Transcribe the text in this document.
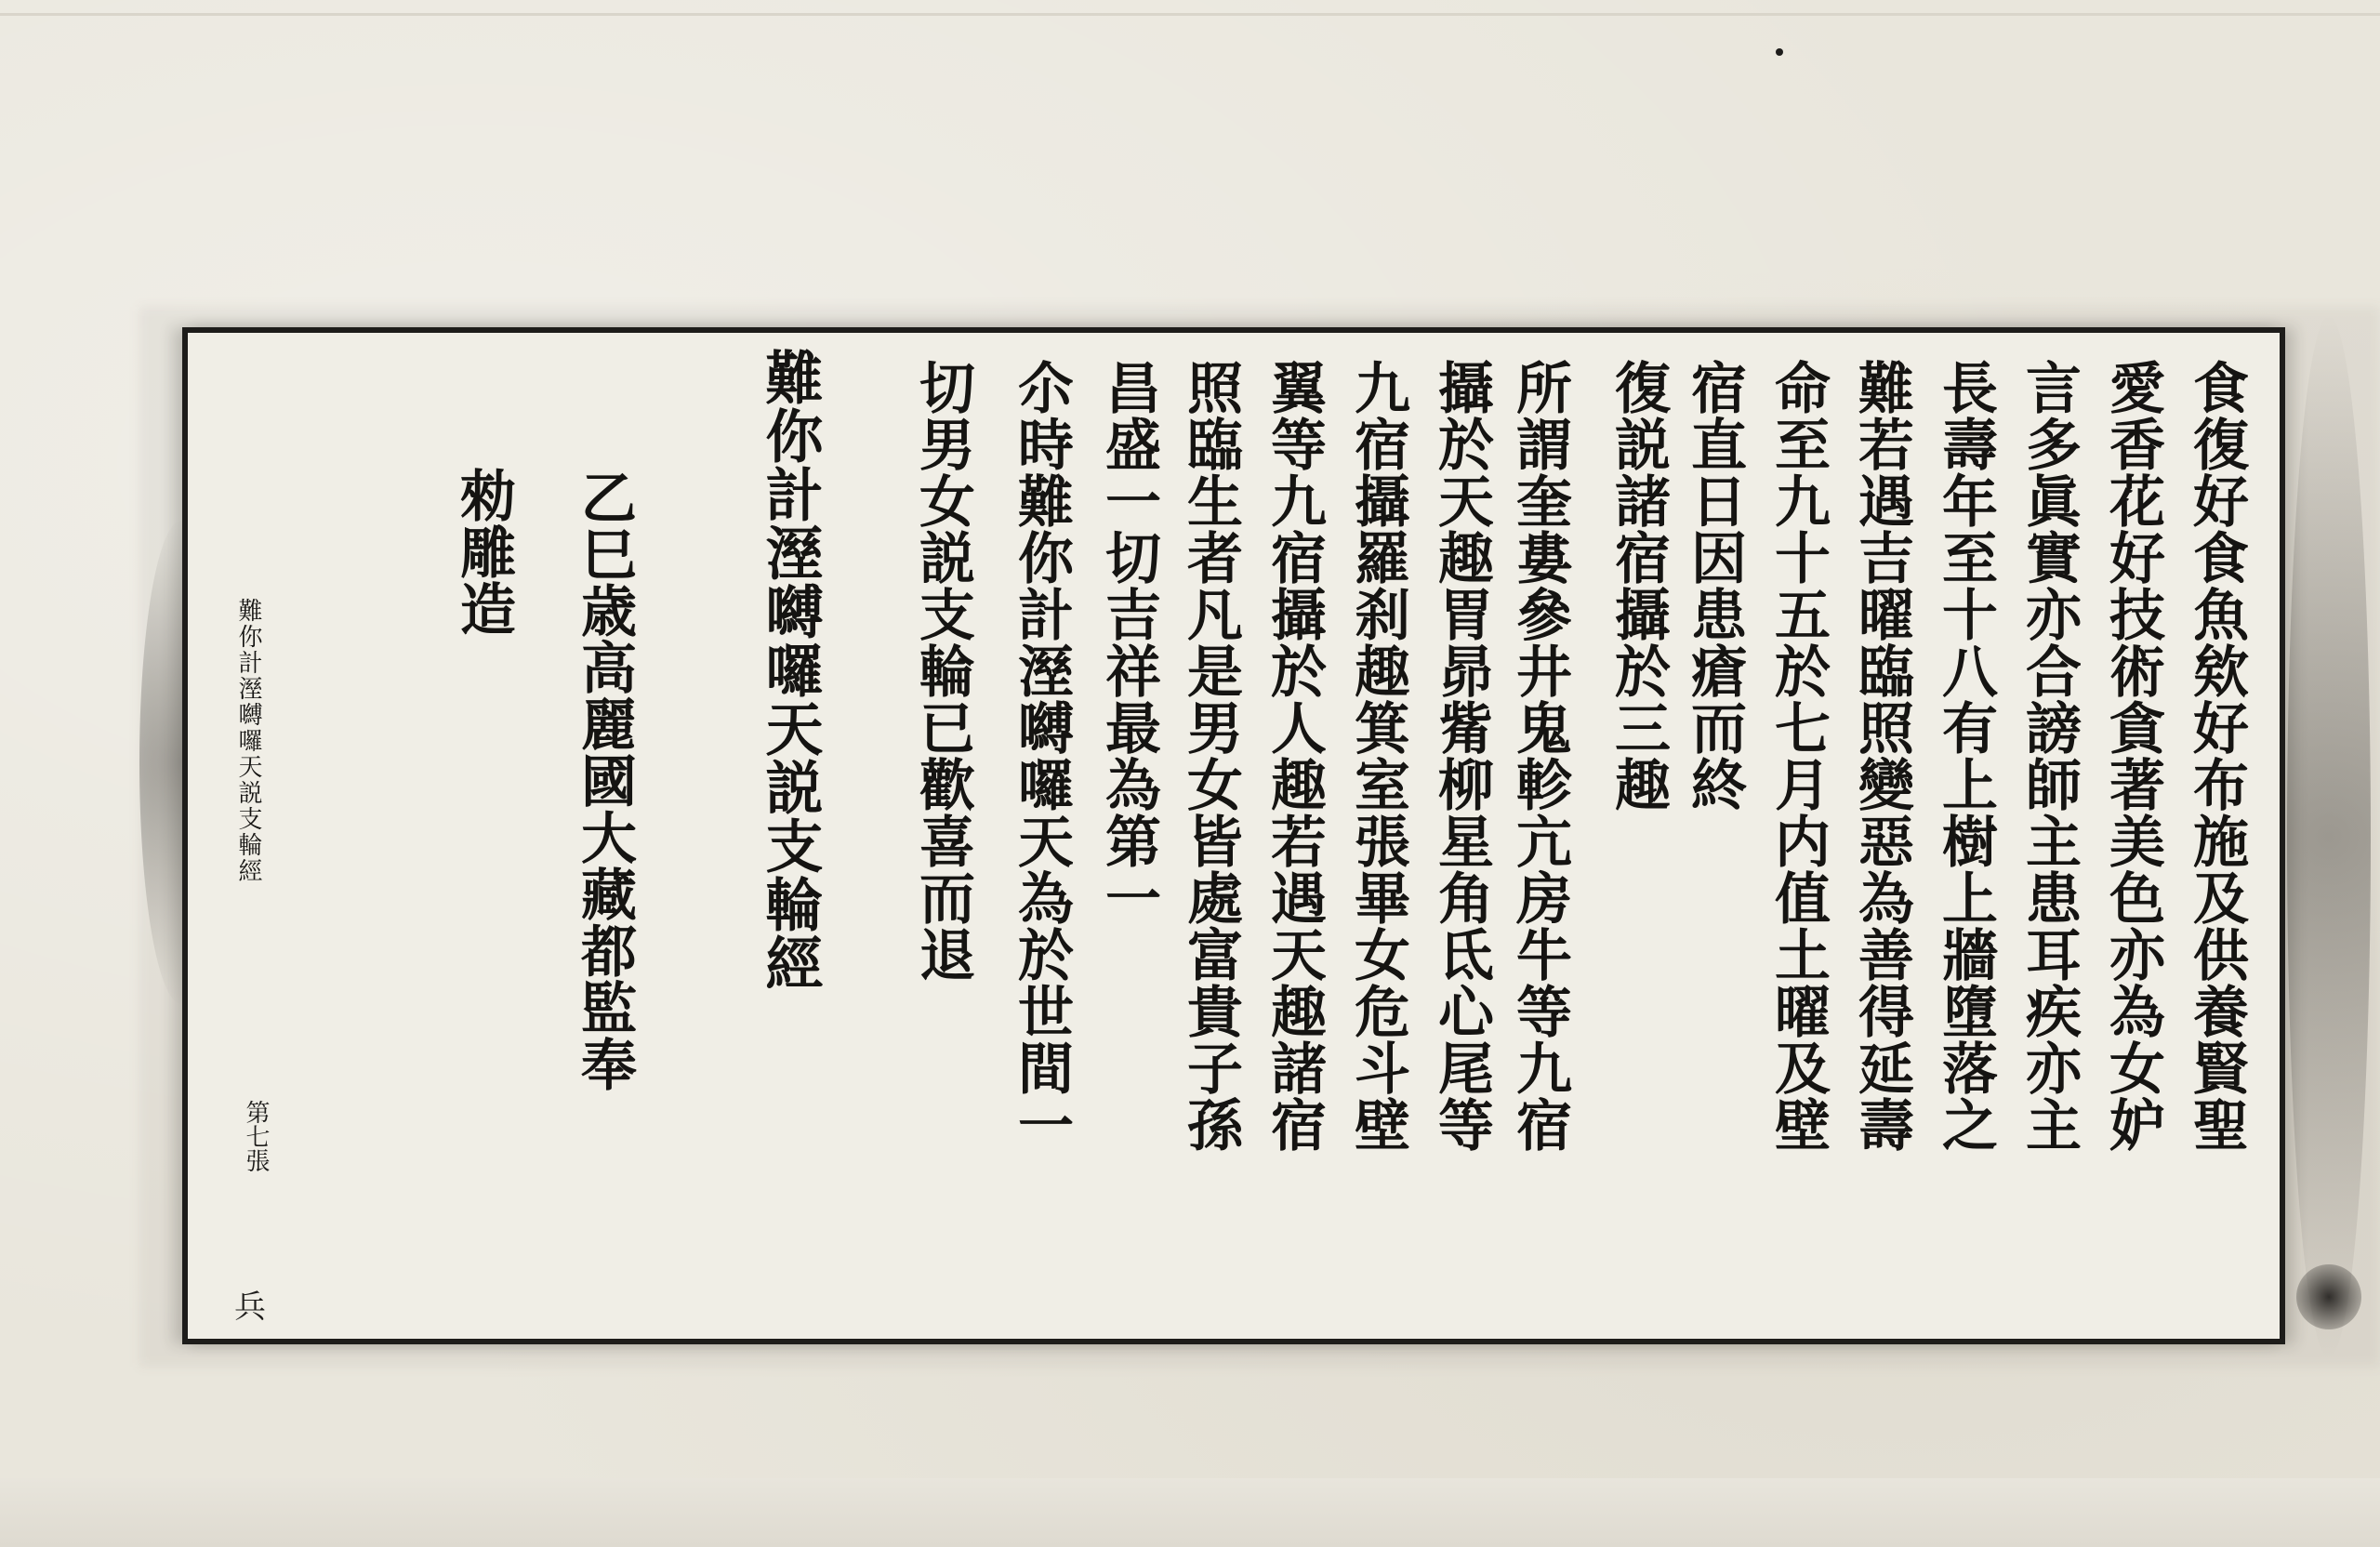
食復好食魚欸好布施及供養賢聖
愛香花好技術貪著美色亦為女妒
言多眞實亦合謗師主患耳疾亦主
長壽年至十八有上樹上牆墮落之
難若遇吉曜臨照變惡為善得延壽
命至九十五於七月内值土曜及壁
宿直日因患瘡而終
復説諸宿攝於三趣
所謂奎婁參井鬼軫亢房牛等九宿
攝於天趣胃昴觜柳星角氐心尾等
九宿攝羅刹趣箕室張畢女危斗壁
翼等九宿攝於人趣若遇天趣諸宿
照臨生者凡是男女皆處富貴子孫
昌盛一切吉祥最為第一
尒時難你計溼嚩囉天為於世間一
切男女説支輪已歡喜而退
難你計溼嚩囉天説支輪經
乙巳歳高麗國大藏都監奉
勑雕造
難你計溼嚩囉天説支輪經
第七張
兵
